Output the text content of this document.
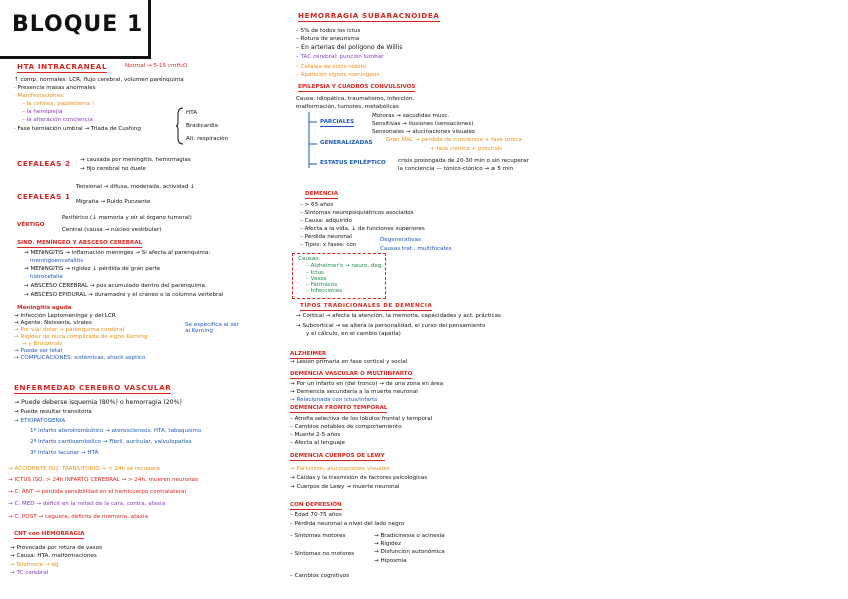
BLOQUE 1
HTA INTRACRANEAL	Normal → 5-15 cmH₂O
↑ comp. normales: LCR, flujo cerebral, volumen parénquima
· Presencia masas anormales
· Manifestaciones:
– la cefalea, papiledema !
– la hemiplejía
– la alteración conciencia
· Fase herniación umbral → Triada de Cushing
HTA
Bradicardia
Alt. respiración
CEFALEAS 2 → causada por meningitis, hemorragias
→ fijo cerebral no duele
CEFALEAS 1
Tensional → difusa, moderada, actividad ↓
Migraña → Ruido Punzante
VÉRTIGO
Periférico (↓ memoria y oír el órgano tumoral)
Central (causa → núcleo vestibular)
SIND. MENÍNGEO Y ABSCESO CEREBRAL
→ MENINGITIS → inflamación meninges → Si afecta al parénquima:
meningoencefalitis
→ MENINGITIS → rigidez ↓ pérdida de gran parte
hidrocefalia
→ ABSCESO CEREBRAL → pus acumulado dentro del parénquima
→ ABSCESO EPIDURAL → duramadre y el cráneo o la columna vertebral
Meningitis aguda
→ Infección Leptomeninge y del LCR
→ Agente: Neisseria, virales
→ Por vía: dolor → parénquima cerebral
→ Rigidez de nuca complicada de signo Kerning
→ y Brudzinski
→ Puede ser letal
→ COMPLICACIONES: sistémicas, shock séptico
Se especifica al ser al Kerning
ENFERMEDAD CEREBRO VASCULAR
→ Puede deberse isquemia (80%) o hemorragia (20%)
→ Puede resultar transitoria
→ ETIOPATOGENIA
1º Infarto aterotrombótico → aterosclerosis, HTA, tabaquismo
2º Infarto cardioembólico → Fibril. auricular, valvulopatías
3º Infarto lacunar → HTA
→ ACCIDENTE ISQ. TRANSITORIO → < 24h se recupera
→ ICTUS ISQ. > 24h INFARTO CEREBRAL → > 24h, mueren neuronas
→ C. ANT → pérdida sensibilidad en el hemicuerpo contralateral
→ C. MED → déficit en la mitad de la cara, contra, afasia
→ C. POST → ceguera, déficits de memoria, ataxia
CNT con HEMORRAGIA
→ Provocada por rotura de vasos
→ Causa: HTA, malformaciones
→ Síndrome → dg
→ TC cerebral
HEMORRAGIA SUBARACNOIDEA
– 5% de todos los ictus
– Rotura de aneurisma
– En arterias del polígono de Willis
– TAC cerebral: punción lumbar
– Cefalea de inicio súbito
– Aparición signos meníngeos
EPILEPSIA Y CUADROS CONVULSIVOS
Causa: idiopática, traumatismo, infección,
malformación, tumores, metabólicas
PARCIALES
Motoras → sacudidas musc.
Sensitivas → ilusiones (sensaciones)
Sensoriales → alucinaciones visuales
GENERALIZADAS Gran MAL → pérdida de conciencia + fase tónica
+ fase clónica + poscrisis
ESTATUS EPILÉPTICO crisis prolongada de 20-30 min o sin recuperar
la conciencia — tónico-clónico → ≥ 5 min
DEMENCIA
– > 65 años
– Síntomas neuropsiquiátricos asociados
– Causa: adquirido
– Afecta a la vida, ↓ de funciones superiores
– Pérdida neuronal
– Tipos: x fases: con
Degenerativas
Causas trat., multifocales
Causas:
– Alzheimer's → neuro. deg.
– Ictus
– Vasos
– Fármacos
– Infecciones
TIPOS TRADICIONALES DE DEMENCIA
→ Cortical → afecta la atención, la memoria, capacidades y act. prácticas
→ Subcortical → se altera la personalidad, el curso del pensamiento
y el cálculo, en el cambio (apatía)
ALZHEIMER
→ Lesión primaria en fase cortical y social
DEMENCIA VASCULAR O MULTIINFARTO
→ Por un infarto en (del tronco) → de una zona en área
→ Demencia secundaria a la muerte neuronal
→ Relacionada con ictus/infarto
DEMENCIA FRONTO TEMPORAL
– Atrofia selectiva de los lóbulos frontal y temporal
– Cambios notables de comportamiento
– Muerte 2-5 años
– Afecta al lenguaje
DEMENCIA CUERPOS DE LEWY
→ Parkinson, alucinaciones visuales
→ Caídas y la trasmisión de factores psicológicas
→ Cuerpos de Lewy → muerte neuronal
CON DEPRESIÓN
– Edad 70-75 años
– Pérdida neuronal a nivel del lado negro
– Síntomas motores	→ Bradicinesia o acinesia
→ Rigidez
– Síntomas no motores	→ Disfunción autonómica
→ Hiposmia
– Cambios cognitivos
